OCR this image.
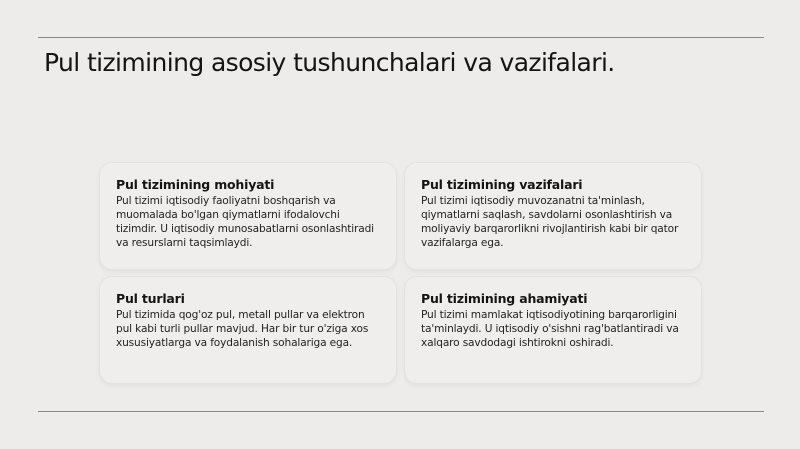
Pul tizimining asosiy tushunchalari va vazifalari.
Pul tizimining mohiyati

Pul tizimi iqtisodiy faoliyatni boshqarish va muomalada bo'lgan qiymatlarni ifodalovchi tizimdir. U iqtisodiy munosabatlarni osonlashtiradi va resurslarni taqsimlaydi.

Pul tizimining vazifalari

Pul tizimi iqtisodiy muvozanatni ta'minlash, qiymatlarni saqlash, savdolarni osonlashtirish va moliyaviy barqarorlikni rivojlantirish kabi bir qator vazifalarga ega.

Pul turlari

Pul tizimida qog'oz pul, metall pullar va elektron pul kabi turli pullar mavjud. Har bir tur o'ziga xos xususiyatlarga va foydalanish sohalariga ega.

Pul tizimining ahamiyati

Pul tizimi mamlakat iqtisodiyotining barqarorligini ta'minlaydi. U iqtisodiy o'sishni rag'batlantiradi va xalqaro savdodagi ishtirokni oshiradi.
